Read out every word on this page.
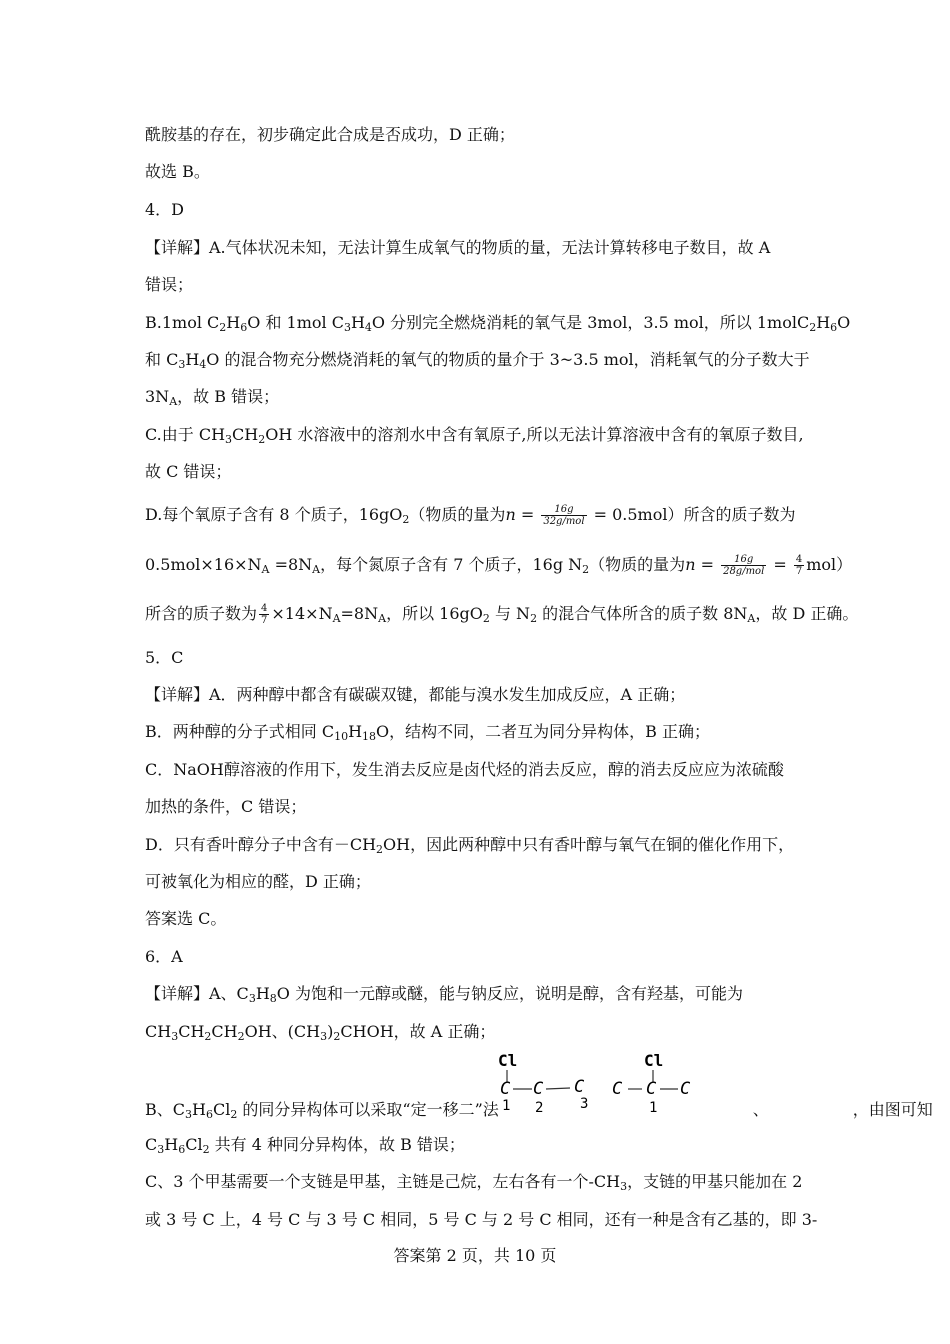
酰胺基的存在，初步确定此合成是否成功，D 正确；

故选 B。

4．D

【详解】A.气体状况未知，无法计算生成氧气的物质的量，无法计算转移电子数目，故 A

错误；

B.1mol $C_2H_6O$ 和 1mol $C_3H_4O$ 分别完全燃烧消耗的氧气是 3mol，3.5 mol，所以 $1molC_2H_6O$

和 $C_3H_4O$ 的混合物充分燃烧消耗的氧气的物质的量介于 3~3.5 mol，消耗氧气的分子数大于

$3N_A$，故 B 错误；

C.由于 $CH_3CH_2OH$ 水溶液中的溶剂水中含有氧原子,所以无法计算溶液中含有的氧原子数目,

故 C 错误；

D.每个氧原子含有 8 个质子，$16gO_2$（物质的量为$n = \frac{16g}{\text{32g/mol}} = 0.5mol$）所含的质子数为

$0.5mol\times 16\times N_A =8N_A$，每个氮原子含有 7 个质子，16g $N_2$（物质的量为$n = \frac{16g}{\text{28g/mol}} = \frac{4}{7} mol$）

所含的质子数为 $\frac{4}{7} \times 14\times N_A=8N_A$，所以 $16gO_2$ 与 $N_2$ 的混合气体所含的质子数 $8N_A$，故 D 正确。

5．C

【详解】A．两种醇中都含有碳碳双键，都能与溴水发生加成反应，A 正确；

B．两种醇的分子式相同 $C_{10}H_{18}O$，结构不同，二者互为同分异构体，B 正确；

C．NaOH醇溶液的作用下，发生消去反应是卤代烃的消去反应，醇的消去反应应为浓硫酸

加热的条件，C 错误；

D．只有香叶醇分子中含有$-CH_2OH$，因此两种醇中只有香叶醇与氧气在铜的催化作用下，

可被氧化为相应的醛，D 正确；

答案选 C。

6．A

【详解】A、$C_3H_8O$ 为饱和一元醇或醚，能与钠反应，说明是醇，含有羟基，可能为

$CH_3CH_2CH_2OH$、$(CH_3)_2CHOH$，故 A 正确；

B、$C_3H_6Cl_2$ 的同分异构体可以采取“定一移二”法	、	，由图可知

Cl
C C C
1 2	3
C
Cl
C C
1

$C_3H_6Cl_2$ 共有 4 种同分异构体，故 B 错误；

C、3 个甲基需要一个支链是甲基，主链是己烷，左右各有一个$-CH_3$，支链的甲基只能加在 2

或 3 号 C 上，4 号 C 与 3 号 C 相同，5 号 C 与 2 号 C 相同，还有一种是含有乙基的，即 3-

答案第 2 页，共 10 页
